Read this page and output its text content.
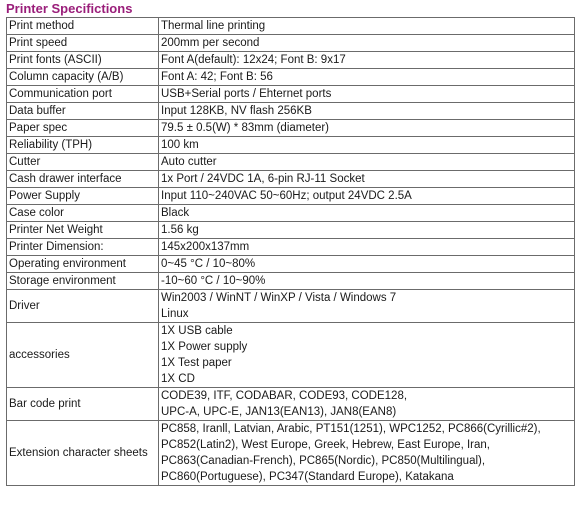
Printer Specifictions
Print method	Thermal line printing

Print speed	200mm per second

Print fonts (ASCII)	Font A(default): 12x24; Font B: 9x17

Column capacity (A/B)	Font A: 42; Font B: 56

Communication port	USB+Serial ports / Ehternet ports

Data buffer	Input 128KB, NV flash 256KB

Paper spec	79.5 ± 0.5(W) * 83mm (diameter)

Reliability (TPH)	100 km

Cutter	Auto cutter

Cash drawer interface	1x Port / 24VDC 1A, 6-pin RJ-11 Socket

Power Supply	Input 110~240VAC 50~60Hz; output 24VDC 2.5A

Case color	Black

Printer Net Weight	1.56 kg

Printer Dimension:	145x200x137mm

Operating environment	0~45 °C / 10~80%

Storage environment	-10~60 °C / 10~90%

Driver	Win2003 / WinNT / WinXP / Vista / Windows 7
Linux

accessories	1X USB cable
1X Power supply
1X Test paper
1X CD

Bar code print	CODE39, ITF, CODABAR, CODE93, CODE128,
UPC-A, UPC-E, JAN13(EAN13), JAN8(EAN8)

Extension character sheets	PC858, Iranll, Latvian, Arabic, PT151(1251), WPC1252, PC866(Cyrillic#2),
PC852(Latin2), West Europe, Greek, Hebrew, East Europe, Iran,
PC863(Canadian-French), PC865(Nordic), PC850(Multilingual),
PC860(Portuguese), PC347(Standard Europe), Katakana
